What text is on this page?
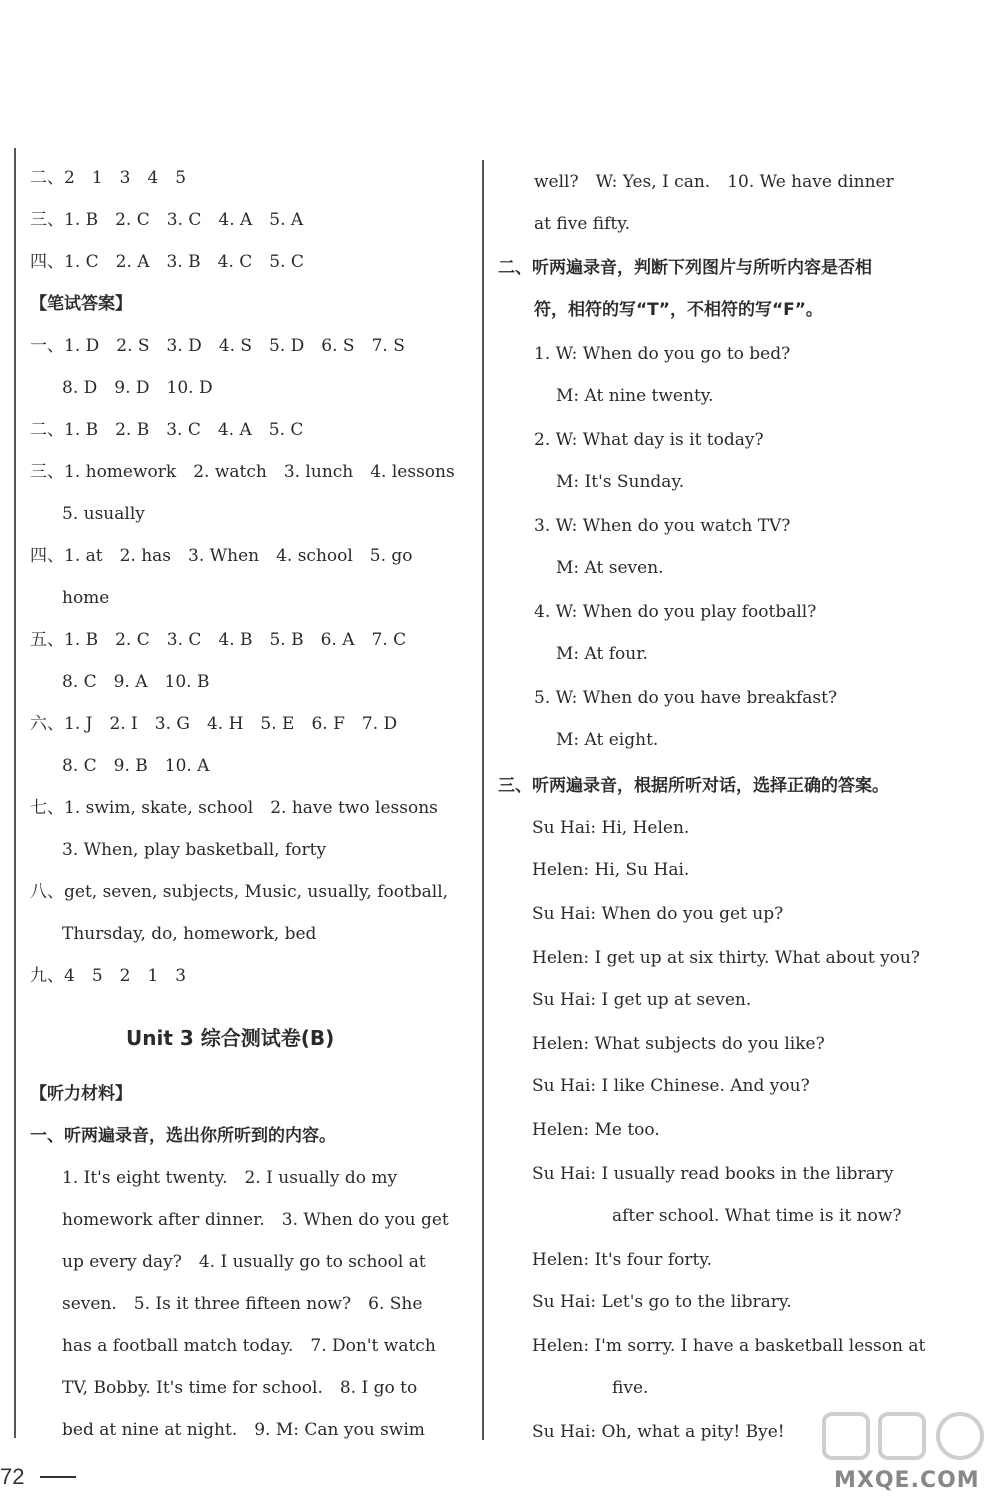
二、2　1　3　4　5
三、1. B　2. C　3. C　4. A　5. A
四、1. C　2. A　3. B　4. C　5. C
【笔试答案】
一、1. D　2. S　3. D　4. S　5. D　6. S　7. S
8. D　9. D　10. D
二、1. B　2. B　3. C　4. A　5. C
三、1. homework　2. watch　3. lunch　4. lessons
5. usually
四、1. at　2. has　3. When　4. school　5. go
home
五、1. B　2. C　3. C　4. B　5. B　6. A　7. C
8. C　9. A　10. B
六、1. J　2. I　3. G　4. H　5. E　6. F　7. D
8. C　9. B　10. A
七、1. swim, skate, school　2. have two lessons
3. When, play basketball, forty
八、get, seven, subjects, Music, usually, football,
Thursday, do, homework, bed
九、4　5　2　1　3
Unit 3 综合测试卷(B)
【听力材料】
一、听两遍录音，选出你所听到的内容。
1. It's eight twenty.　2. I usually do my
homework after dinner.　3. When do you get
up every day?　4. I usually go to school at
seven.　5. Is it three fifteen now?　6. She
has a football match today.　7. Don't watch
TV, Bobby. It's time for school.　8. I go to
bed at nine at night.　9. M: Can you swim
well?　W: Yes, I can.　10. We have dinner
at five fifty.
二、听两遍录音，判断下列图片与所听内容是否相
符，相符的写“T”，不相符的写“F”。
1. W: When do you go to bed?
M: At nine twenty.
2. W: What day is it today?
M: It's Sunday.
3. W: When do you watch TV?
M: At seven.
4. W: When do you play football?
M: At four.
5. W: When do you have breakfast?
M: At eight.
三、听两遍录音，根据所听对话，选择正确的答案。
Su Hai: Hi, Helen.
Helen: Hi, Su Hai.
Su Hai: When do you get up?
Helen: I get up at six thirty. What about you?
Su Hai: I get up at seven.
Helen: What subjects do you like?
Su Hai: I like Chinese. And you?
Helen: Me too.
Su Hai: I usually read books in the library
after school. What time is it now?
Helen: It's four forty.
Su Hai: Let's go to the library.
Helen: I'm sorry. I have a basketball lesson at
five.
Su Hai: Oh, what a pity! Bye!
72	MXQE.COM
